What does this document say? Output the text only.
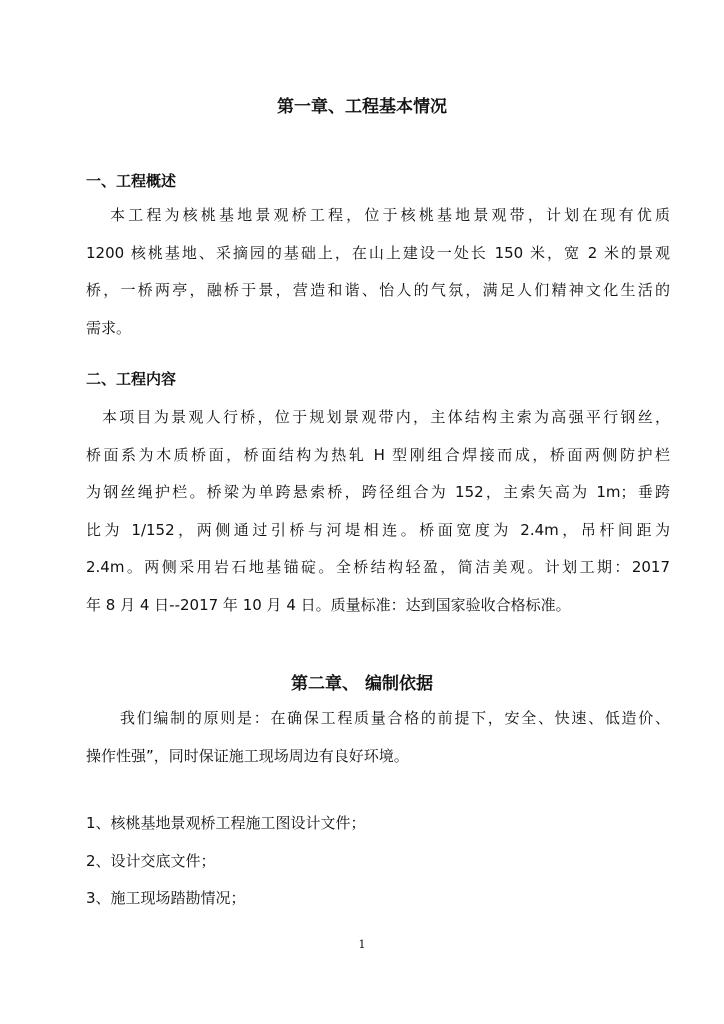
第一章、工程基本情况
一、工程概述
本工程为核桃基地景观桥工程，位于核桃基地景观带，计划在现有优质
1200 核桃基地、采摘园的基础上，在山上建设一处长 150 米，宽 2 米的景观
桥，一桥两亭，融桥于景，营造和谐、怡人的气氛，满足人们精神文化生活的
需求。
二、工程内容
本项目为景观人行桥，位于规划景观带内，主体结构主索为高强平行钢丝，
桥面系为木质桥面，桥面结构为热轧 H 型刚组合焊接而成，桥面两侧防护栏
为钢丝绳护栏。桥梁为单跨悬索桥，跨径组合为 152，主索矢高为 1m；垂跨
比为 1/152，两侧通过引桥与河堤相连。桥面宽度为 2.4m，吊杆间距为
2.4m。两侧采用岩石地基锚碇。全桥结构轻盈，简洁美观。计划工期：2017
年 8 月 4 日--2017 年 10 月 4 日。质量标准：达到国家验收合格标准。
第二章、 编制依据
我们编制的原则是：在确保工程质量合格的前提下，安全、快速、低造价、
操作性强”，同时保证施工现场周边有良好环境。

1、核桃基地景观桥工程施工图设计文件；

2、设计交底文件；

3、施工现场踏勘情况；

1
